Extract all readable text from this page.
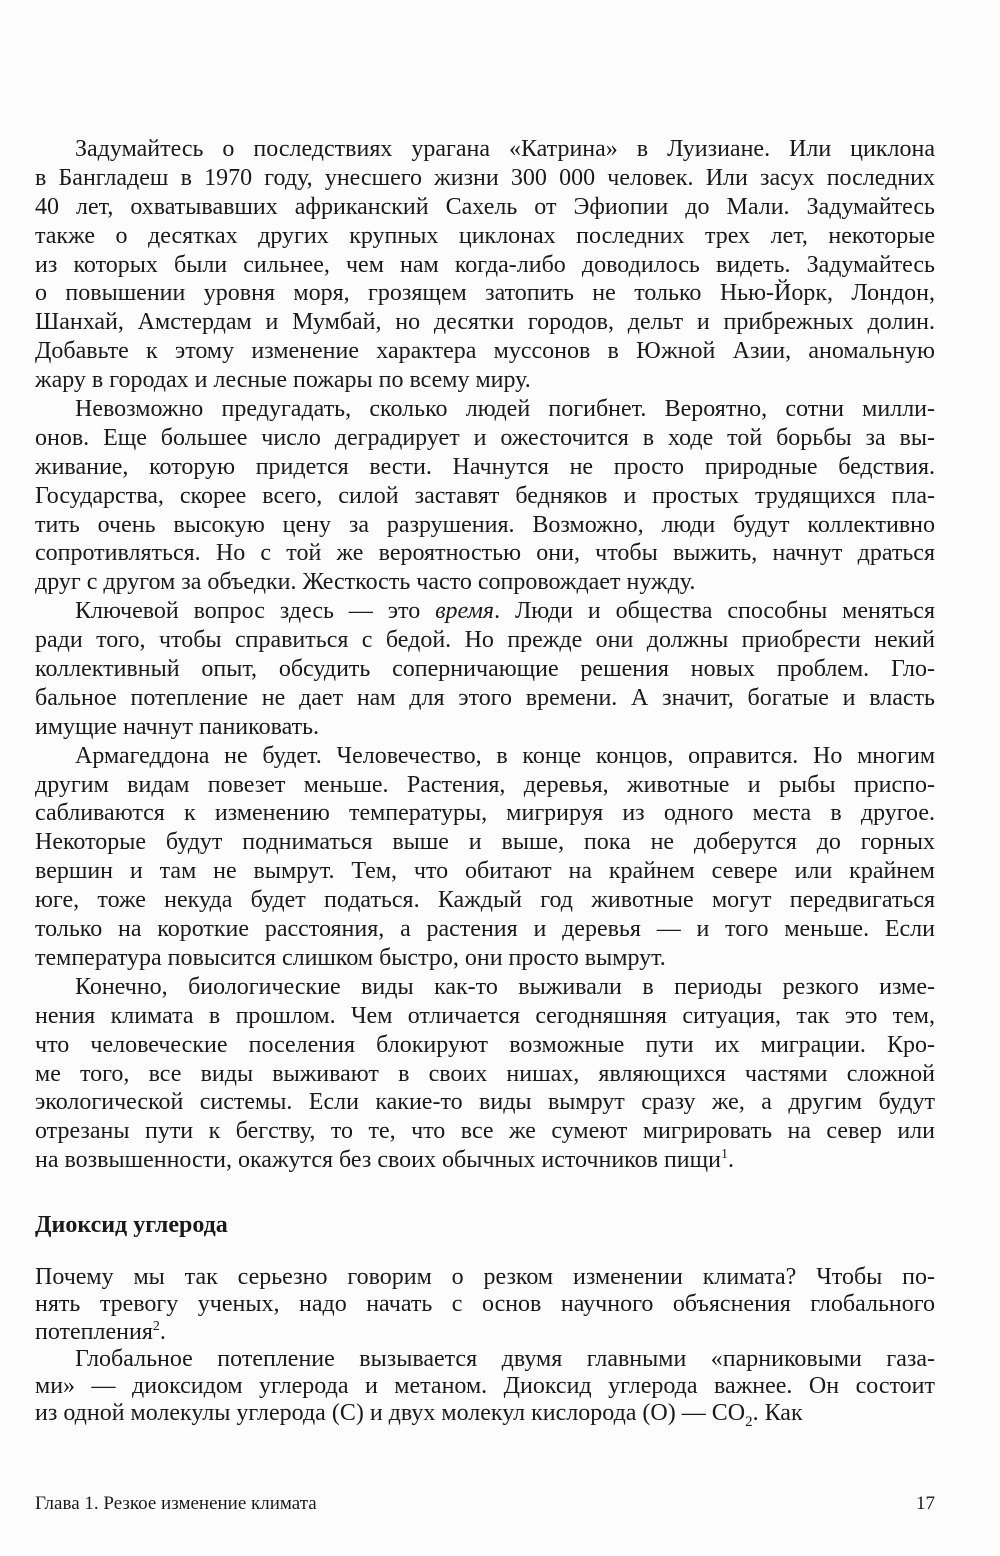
Задумайтесь о последствиях урагана «Катрина» в Луизиане. Или циклона
в Бангладеш в 1970 году, унесшего жизни 300 000 человек. Или засух последних
40 лет, охватывавших африканский Сахель от Эфиопии до Мали. Задумайтесь
также о десятках других крупных циклонах последних трех лет, некоторые
из которых были сильнее, чем нам когда-либо доводилось видеть. Задумайтесь
о повышении уровня моря, грозящем затопить не только Нью-Йорк, Лондон,
Шанхай, Амстердам и Мумбай, но десятки городов, дельт и прибрежных долин.
Добавьте к этому изменение характера муссонов в Южной Азии, аномальную
жару в городах и лесные пожары по всему миру.
Невозможно предугадать, сколько людей погибнет. Вероятно, сотни милли-
онов. Еще большее число деградирует и ожесточится в ходе той борьбы за вы-
живание, которую придется вести. Начнутся не просто природные бедствия.
Государства, скорее всего, силой заставят бедняков и простых трудящихся пла-
тить очень высокую цену за разрушения. Возможно, люди будут коллективно
сопротивляться. Но с той же вероятностью они, чтобы выжить, начнут драться
друг с другом за объедки. Жесткость часто сопровождает нужду.
Ключевой вопрос здесь — это время. Люди и общества способны меняться
ради того, чтобы справиться с бедой. Но прежде они должны приобрести некий
коллективный опыт, обсудить соперничающие решения новых проблем. Гло-
бальное потепление не дает нам для этого времени. А значит, богатые и власть
имущие начнут паниковать.
Армагеддона не будет. Человечество, в конце концов, оправится. Но многим
другим видам повезет меньше. Растения, деревья, животные и рыбы приспо-
сабливаются к изменению температуры, мигрируя из одного места в другое.
Некоторые будут подниматься выше и выше, пока не доберутся до горных
вершин и там не вымрут. Тем, что обитают на крайнем севере или крайнем
юге, тоже некуда будет податься. Каждый год животные могут передвигаться
только на короткие расстояния, а растения и деревья — и того меньше. Если
температура повысится слишком быстро, они просто вымрут.
Конечно, биологические виды как-то выживали в периоды резкого изме-
нения климата в прошлом. Чем отличается сегодняшняя ситуация, так это тем,
что человеческие поселения блокируют возможные пути их миграции. Кро-
ме того, все виды выживают в своих нишах, являющихся частями сложной
экологической системы. Если какие-то виды вымрут сразу же, а другим будут
отрезаны пути к бегству, то те, что все же сумеют мигрировать на север или
на возвышенности, окажутся без своих обычных источников пищи$^1$.
Диоксид углерода
Почему мы так серьезно говорим о резком изменении климата? Чтобы по-
нять тревогу ученых, надо начать с основ научного объяснения глобального
потепления$^2$.
Глобальное потепление вызывается двумя главными «парниковыми газа-
ми» — диоксидом углерода и метаном. Диоксид углерода важнее. Он состоит
из одной молекулы углерода (С) и двух молекул кислорода (О) — $СО_2$. Как
Глава 1. Резкое изменение климата	17
